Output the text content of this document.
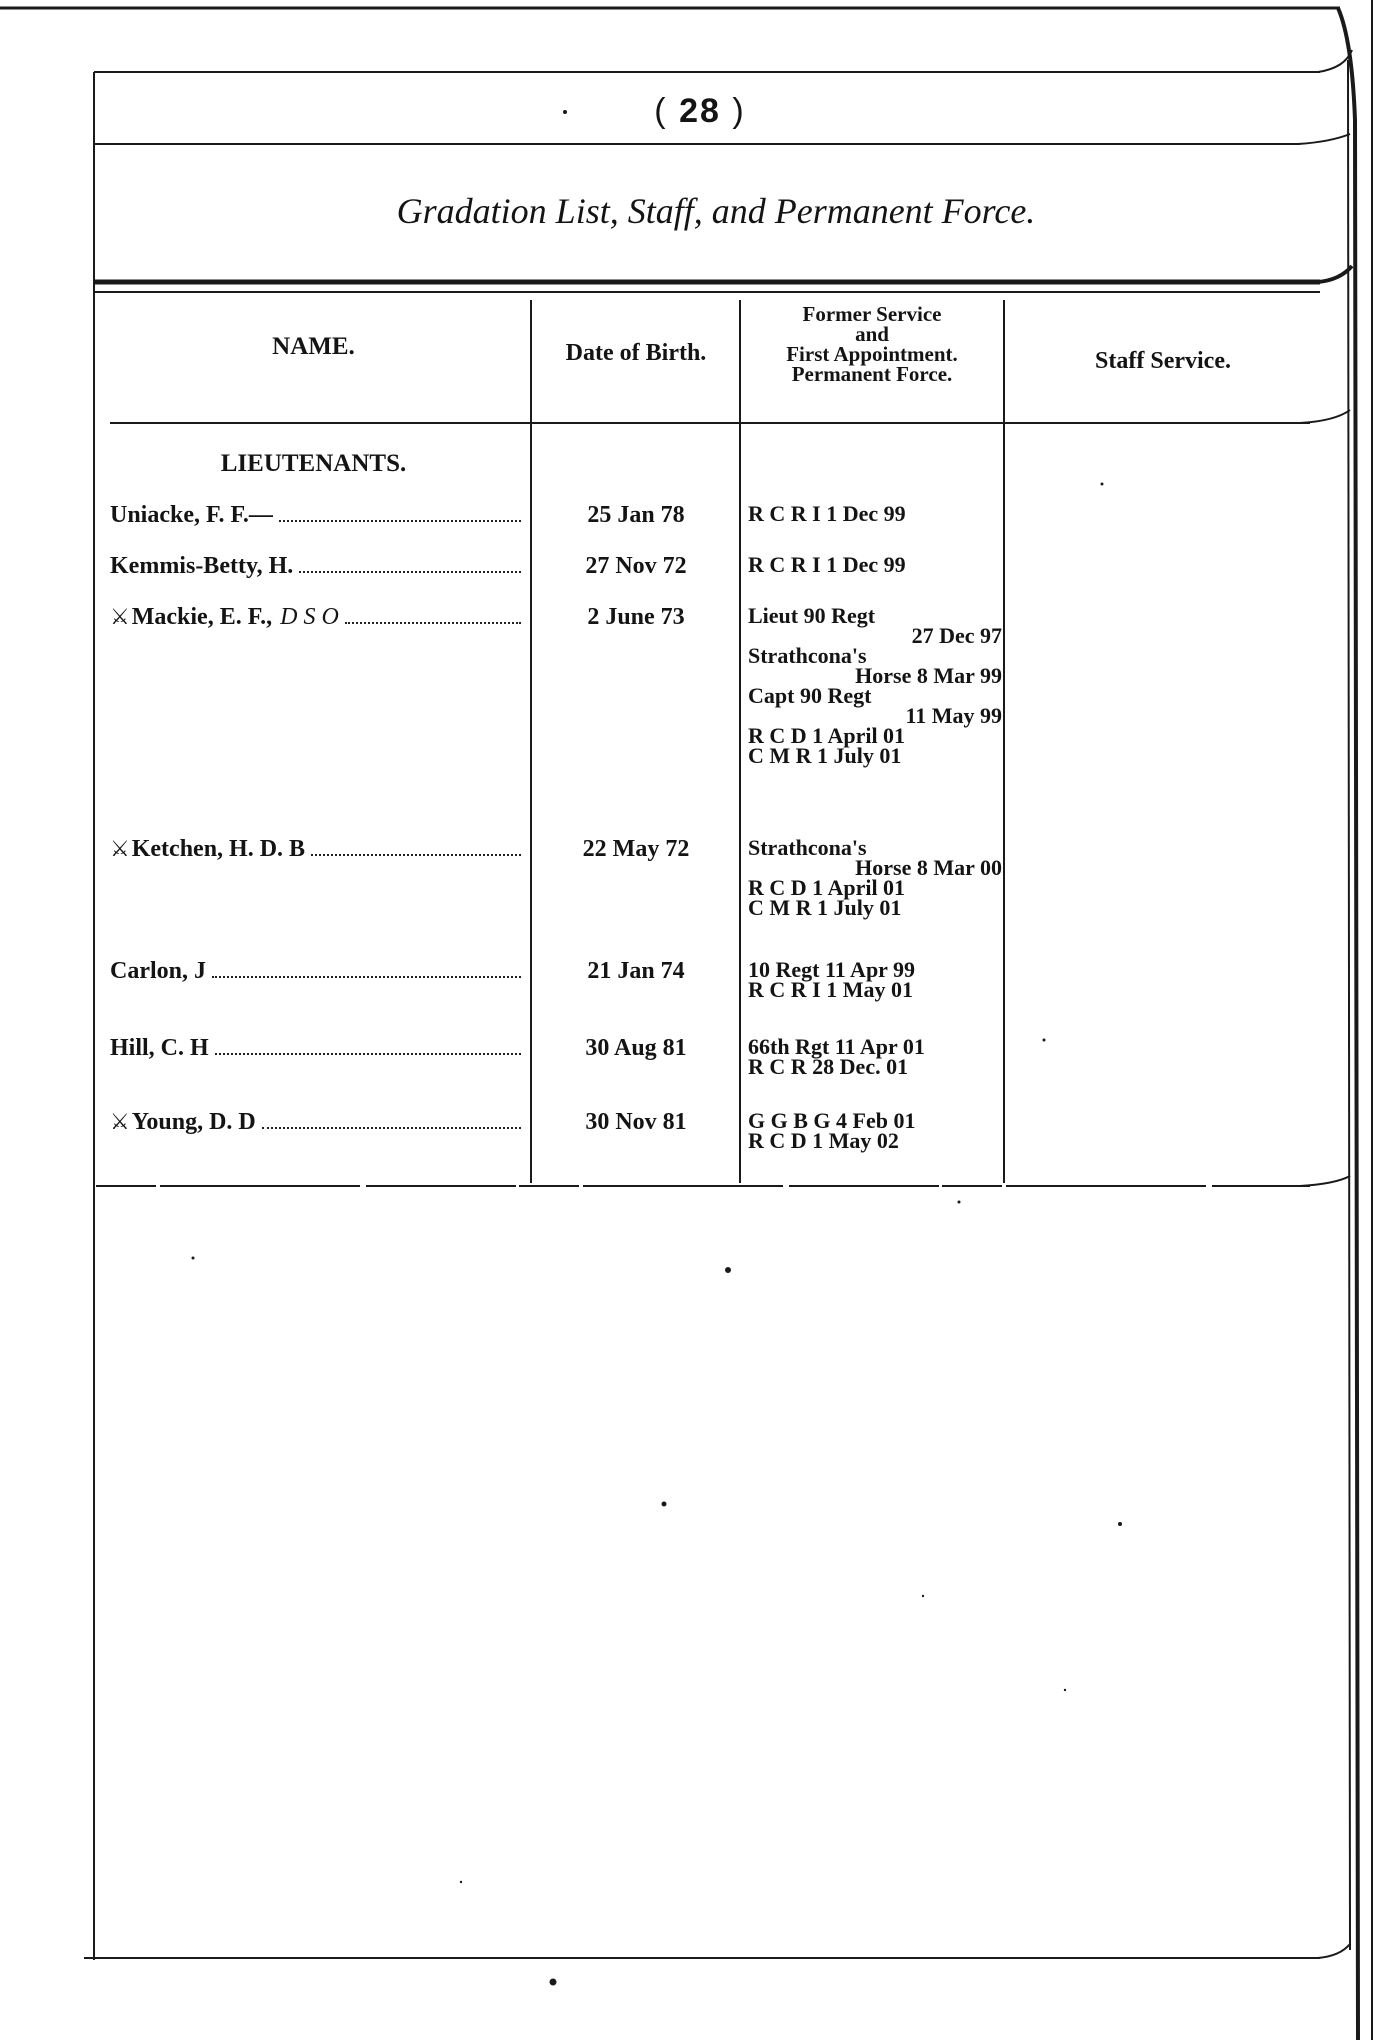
( 28 )
Gradation List, Staff, and Permanent Force.
NAME.	Date of Birth.
Former Service
and
First Appointment.
Permanent Force.	Staff Service.
LIEUTENANTS.
Uniacke, F. F.—	25 Jan 78	R C R I 1 Dec 99
Kemmis-Betty, H.	27 Nov 72	R C R I 1 Dec 99
⚔ Mackie, E. F., D S O	2 June 73	Lieut 90 Regt
27 Dec 97
Strathcona's
Horse 8 Mar 99
Capt 90 Regt
11 May 99
R C D 1 April 01
C M R 1 July 01
⚔ Ketchen, H. D. B	22 May 72	Strathcona's
Horse 8 Mar 00
R C D 1 April 01
C M R 1 July 01
Carlon, J	21 Jan 74	10 Regt 11 Apr 99
R C R I 1 May 01
Hill, C. H	30 Aug 81	66th Rgt 11 Apr 01
R C R 28 Dec. 01
⚔ Young, D. D	30 Nov 81	G G B G 4 Feb 01
R C D 1 May 02
